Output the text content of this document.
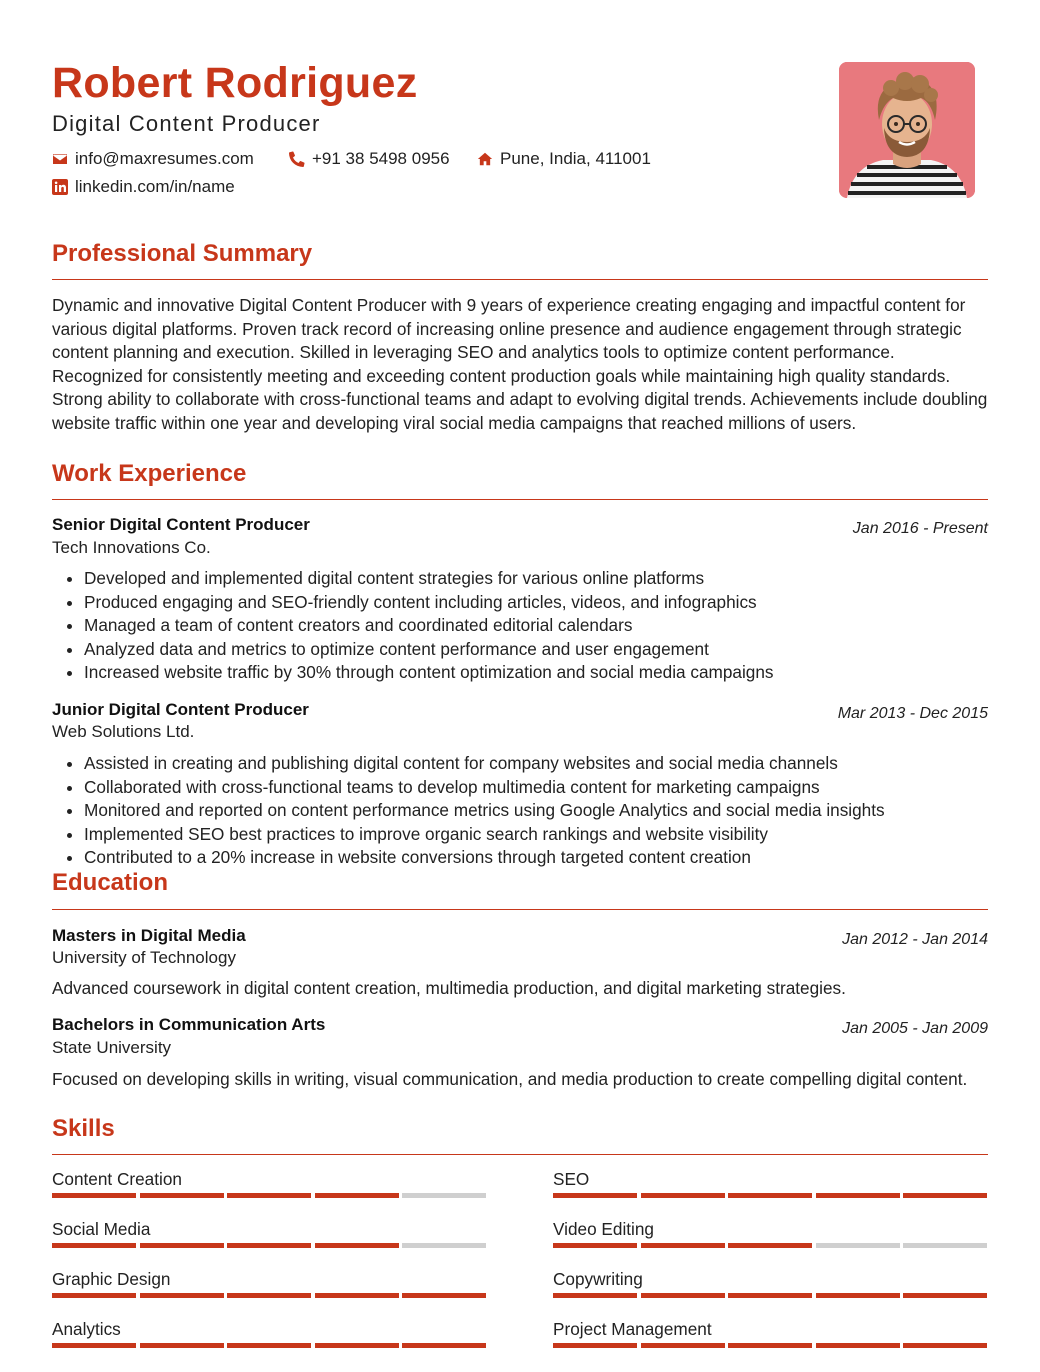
Robert Rodriguez
Digital Content Producer
info@maxresumes.com	+91 38 5498 0956	Pune, India, 411001
linkedin.com/in/name
Professional Summary
Dynamic and innovative Digital Content Producer with 9 years of experience creating engaging and impactful content for various digital platforms. Proven track record of increasing online presence and audience engagement through strategic content planning and execution. Skilled in leveraging SEO and analytics tools to optimize content performance. Recognized for consistently meeting and exceeding content production goals while maintaining high quality standards. Strong ability to collaborate with cross-functional teams and adapt to evolving digital trends. Achievements include doubling website traffic within one year and developing viral social media campaigns that reached millions of users.
Work Experience
Senior Digital Content Producer	Jan 2016 - Present
Tech Innovations Co.
• Developed and implemented digital content strategies for various online platforms
• Produced engaging and SEO-friendly content including articles, videos, and infographics
• Managed a team of content creators and coordinated editorial calendars
• Analyzed data and metrics to optimize content performance and user engagement
• Increased website traffic by 30% through content optimization and social media campaigns
Junior Digital Content Producer	Mar 2013 - Dec 2015
Web Solutions Ltd.
• Assisted in creating and publishing digital content for company websites and social media channels
• Collaborated with cross-functional teams to develop multimedia content for marketing campaigns
• Monitored and reported on content performance metrics using Google Analytics and social media insights
• Implemented SEO best practices to improve organic search rankings and website visibility
• Contributed to a 20% increase in website conversions through targeted content creation
Education
Masters in Digital Media	Jan 2012 - Jan 2014
University of Technology
Advanced coursework in digital content creation, multimedia production, and digital marketing strategies.
Bachelors in Communication Arts	Jan 2005 - Jan 2009
State University
Focused on developing skills in writing, visual communication, and media production to create compelling digital content.
Skills
Content Creation	SEO
Social Media	Video Editing
Graphic Design	Copywriting
Analytics	Project Management
